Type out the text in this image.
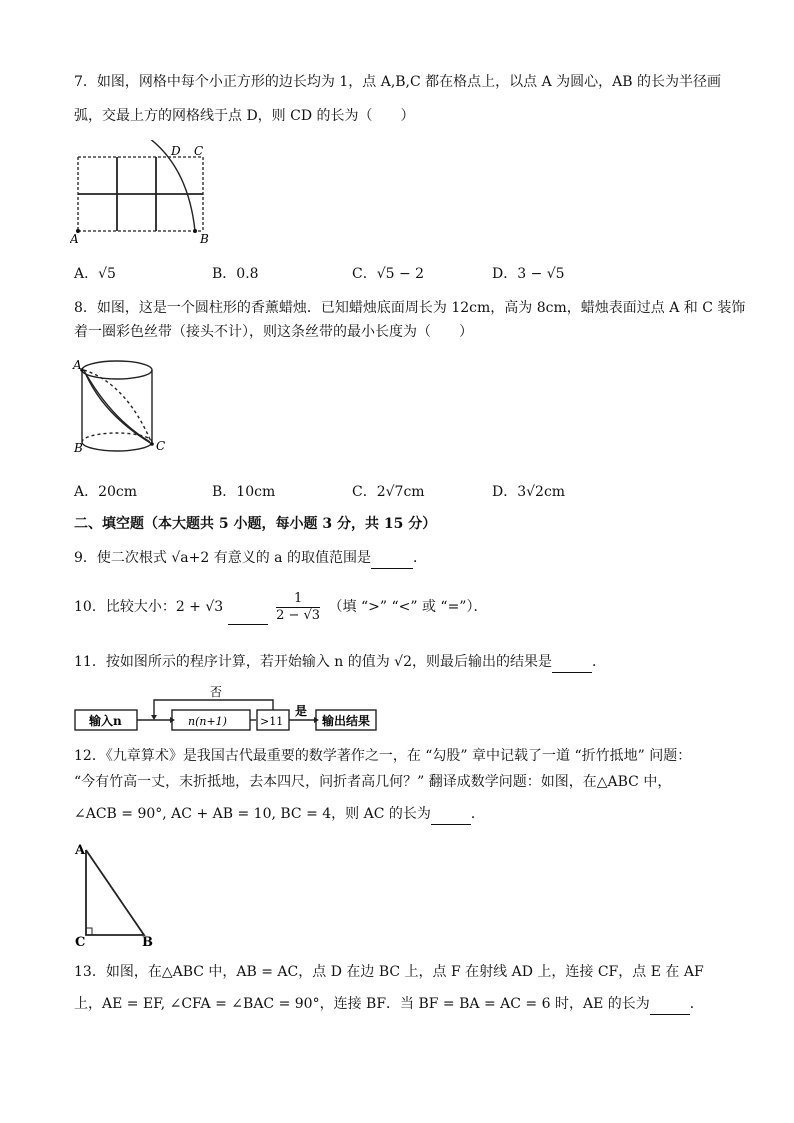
7．如图，网格中每个小正方形的边长均为 1，点 A,B,C 都在格点上，以点 A 为圆心，AB 的长为半径画
弧，交最上方的网格线于点 D，则 CD 的长为（　　）
A	B
D C
A．√5	B．0.8	C．√5 − 2	D．3 − √5
8．如图，这是一个圆柱形的香薰蜡烛．已知蜡烛底面周长为 12cm，高为 8cm，蜡烛表面过点 A 和 C 装饰
着一圈彩色丝带（接头不计），则这条丝带的最小长度为（　　）
A
B	C
A．20cm	B．10cm	C．2√7cm	D．3√2cm
二、填空题（本大题共 5 小题，每小题 3 分，共 15 分）
9．使二次根式 √a+2 有意义的 a 的取值范围是	．
10．比较大小：2 + √3	$\frac{1}{2 - √3}$ （填 “>” “<” 或 “=”）．
11．按如图所示的程序计算，若开始输入 n 的值为 √2，则最后输出的结果是	．
输入n	n(n+1)	>11
是
否
输出结果
12．《九章算术》是我国古代最重要的数学著作之一，在 “勾股” 章中记载了一道 “折竹抵地” 问题：
“今有竹高一丈，末折抵地，去本四尺，问折者高几何？” 翻译成数学问题：如图，在△ABC 中，
∠ACB = 90°, AC + AB = 10, BC = 4，则 AC 的长为	．
A
C	B
13．如图，在△ABC 中，AB = AC，点 D 在边 BC 上，点 F 在射线 AD 上，连接 CF，点 E 在 AF
上，AE = EF, ∠CFA = ∠BAC = 90°，连接 BF．当 BF = BA = AC = 6 时，AE 的长为	．
